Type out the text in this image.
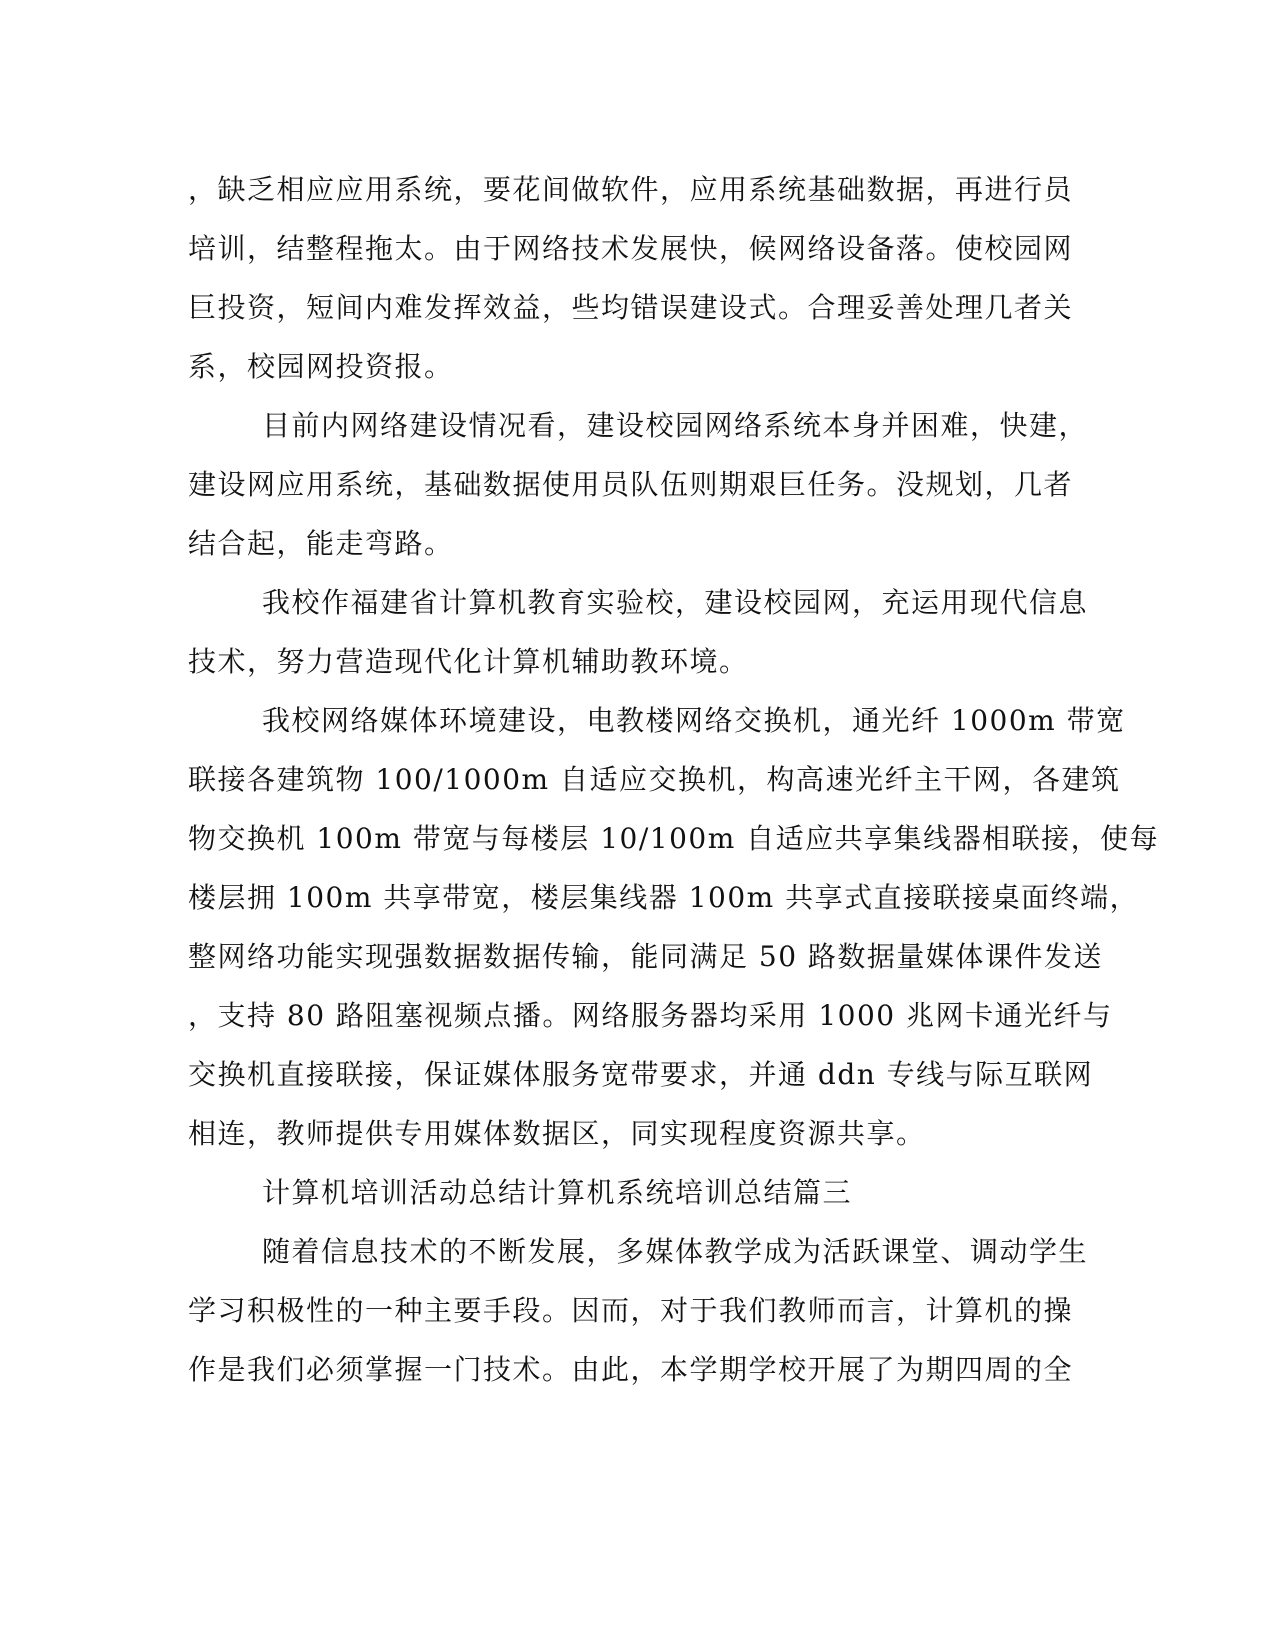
，缺乏相应应用系统，要花间做软件，应用系统基础数据，再进行员
培训，结整程拖太。由于网络技术发展快，候网络设备落。使校园网
巨投资，短间内难发挥效益，些均错误建设式。合理妥善处理几者关
系，校园网投资报。
目前内网络建设情况看，建设校园网络系统本身并困难，快建，
建设网应用系统，基础数据使用员队伍则期艰巨任务。没规划，几者
结合起，能走弯路。
我校作福建省计算机教育实验校，建设校园网，充运用现代信息
技术，努力营造现代化计算机辅助教环境。
我校网络媒体环境建设，电教楼网络交换机，通光纤 1000m 带宽
联接各建筑物 100/1000m 自适应交换机，构高速光纤主干网，各建筑
物交换机 100m 带宽与每楼层 10/100m 自适应共享集线器相联接，使每
楼层拥 100m 共享带宽，楼层集线器 100m 共享式直接联接桌面终端，
整网络功能实现强数据数据传输，能同满足 50 路数据量媒体课件发送
，支持 80 路阻塞视频点播。网络服务器均采用 1000 兆网卡通光纤与
交换机直接联接，保证媒体服务宽带要求，并通 ddn 专线与际互联网
相连，教师提供专用媒体数据区，同实现程度资源共享。
计算机培训活动总结计算机系统培训总结篇三
随着信息技术的不断发展，多媒体教学成为活跃课堂、调动学生
学习积极性的一种主要手段。因而，对于我们教师而言，计算机的操
作是我们必须掌握一门技术。由此，本学期学校开展了为期四周的全
